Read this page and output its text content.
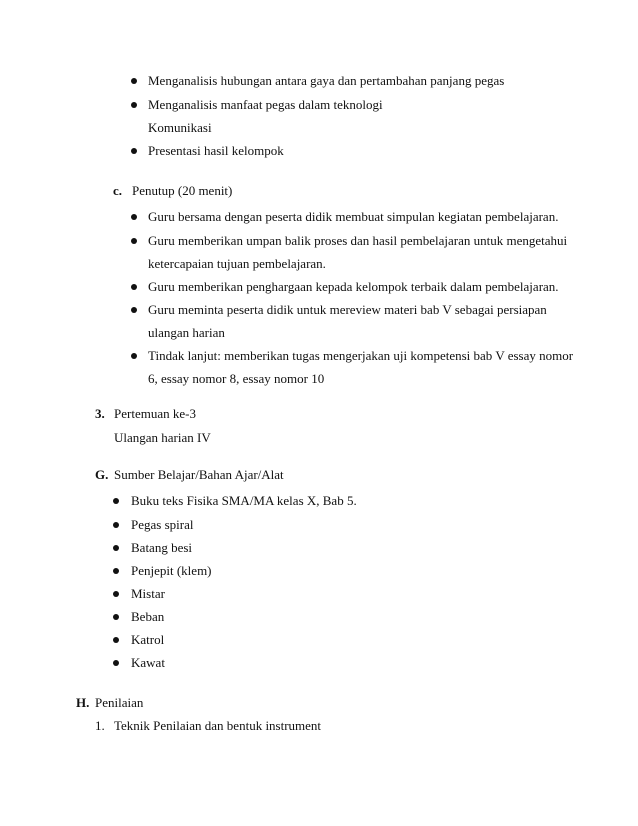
Menganalisis hubungan antara gaya dan pertambahan panjang pegas
Menganalisis manfaat pegas dalam teknologi
Komunikasi
Presentasi hasil kelompok
c. Penutup (20 menit)
Guru bersama dengan peserta didik membuat simpulan kegiatan pembelajaran.
Guru memberikan umpan balik proses dan hasil pembelajaran untuk mengetahui
ketercapaian tujuan pembelajaran.
Guru memberikan penghargaan kepada kelompok terbaik dalam pembelajaran.
Guru meminta peserta didik untuk mereview materi bab V sebagai persiapan
ulangan harian
Tindak lanjut: memberikan tugas mengerjakan uji kompetensi bab V essay nomor
6, essay nomor 8, essay nomor 10
3. Pertemuan ke-3
Ulangan harian IV
G. Sumber Belajar/Bahan Ajar/Alat
Buku teks Fisika SMA/MA kelas X, Bab 5.
Pegas spiral
Batang besi
Penjepit (klem)
Mistar
Beban
Katrol
Kawat
H. Penilaian
1. Teknik Penilaian dan bentuk instrument
